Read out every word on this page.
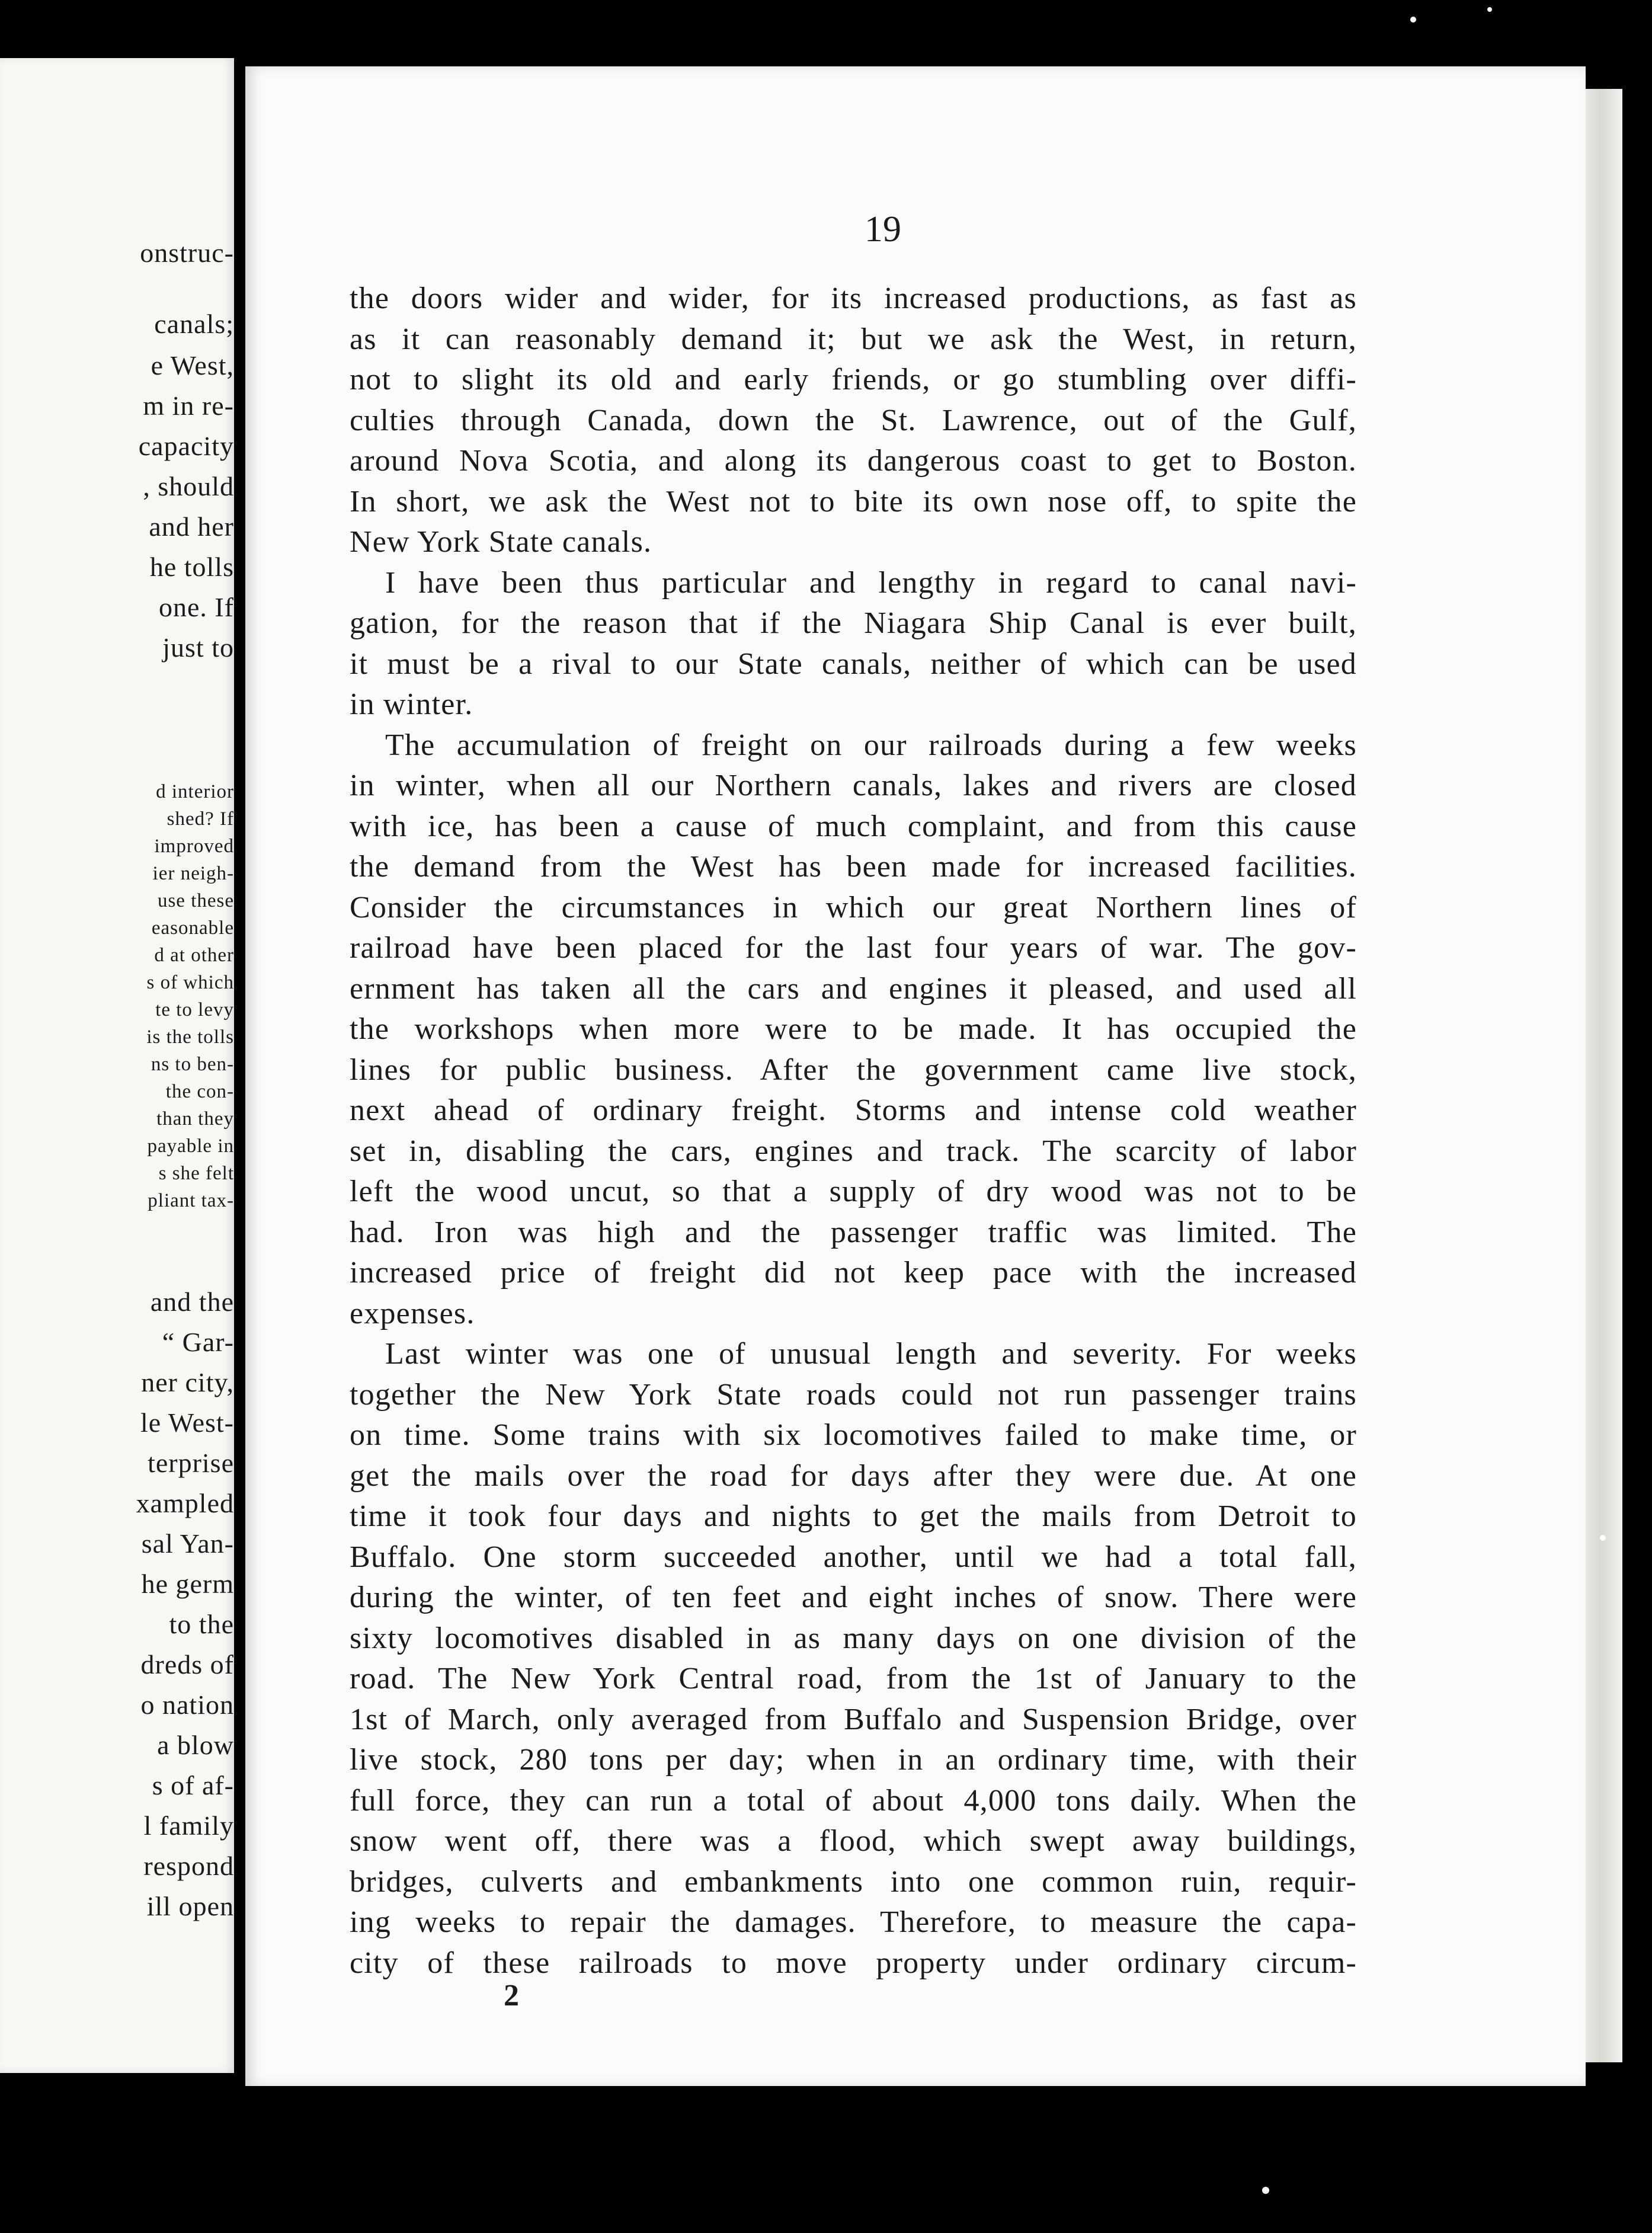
onstruc-
canals;
e West,
m in re-
capacity
, should
and her
he tolls
one. If
just to
d interior
shed? If
improved
ier neigh-
use these
easonable
d at other
s of which
te to levy
is the tolls
ns to ben-
the con-
than they
payable in
s she felt
pliant tax-
and the
“ Gar-
ner city,
le West-
terprise
xampled
sal Yan-
he germ
to the
dreds of
o nation
a blow
s of af-
l family
respond
ill open
19
the doors wider and wider, for its increased productions, as fast as
as it can reasonably demand it; but we ask the West, in return,
not to slight its old and early friends, or go stumbling over diffi-
culties through Canada, down the St. Lawrence, out of the Gulf,
around Nova Scotia, and along its dangerous coast to get to Boston.
In short, we ask the West not to bite its own nose off, to spite the
New York State canals.
I have been thus particular and lengthy in regard to canal navi-
gation, for the reason that if the Niagara Ship Canal is ever built,
it must be a rival to our State canals, neither of which can be used
in winter.
The accumulation of freight on our railroads during a few weeks
in winter, when all our Northern canals, lakes and rivers are closed
with ice, has been a cause of much complaint, and from this cause
the demand from the West has been made for increased facilities.
Consider the circumstances in which our great Northern lines of
railroad have been placed for the last four years of war. The gov-
ernment has taken all the cars and engines it pleased, and used all
the workshops when more were to be made. It has occupied the
lines for public business. After the government came live stock,
next ahead of ordinary freight. Storms and intense cold weather
set in, disabling the cars, engines and track. The scarcity of labor
left the wood uncut, so that a supply of dry wood was not to be
had. Iron was high and the passenger traffic was limited. The
increased price of freight did not keep pace with the increased
expenses.
Last winter was one of unusual length and severity. For weeks
together the New York State roads could not run passenger trains
on time. Some trains with six locomotives failed to make time, or
get the mails over the road for days after they were due. At one
time it took four days and nights to get the mails from Detroit to
Buffalo. One storm succeeded another, until we had a total fall,
during the winter, of ten feet and eight inches of snow. There were
sixty locomotives disabled in as many days on one division of the
road. The New York Central road, from the 1st of January to the
1st of March, only averaged from Buffalo and Suspension Bridge, over
live stock, 280 tons per day; when in an ordinary time, with their
full force, they can run a total of about 4,000 tons daily. When the
snow went off, there was a flood, which swept away buildings,
bridges, culverts and embankments into one common ruin, requir-
ing weeks to repair the damages. Therefore, to measure the capa-
city of these railroads to move property under ordinary circum-
2
